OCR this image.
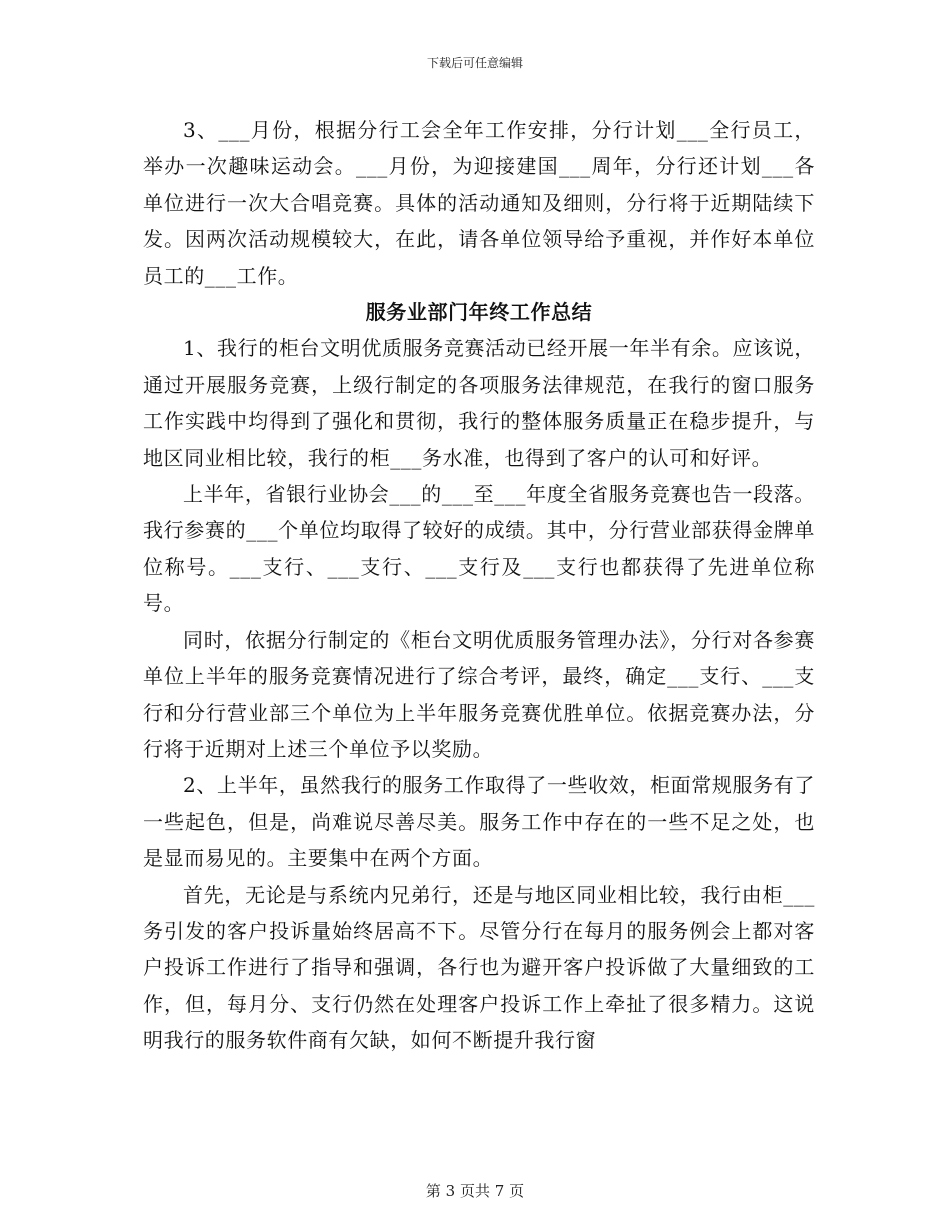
下载后可任意编辑

3、___月份，根据分行工会全年工作安排，分行计划___全行员工，举办一次趣味运动会。___月份，为迎接建国___周年，分行还计划___各单位进行一次大合唱竞赛。具体的活动通知及细则，分行将于近期陆续下发。因两次活动规模较大，在此，请各单位领导给予重视，并作好本单位员工的___工作。

服务业部门年终工作总结

1、我行的柜台文明优质服务竞赛活动已经开展一年半有余。应该说，通过开展服务竞赛，上级行制定的各项服务法律规范，在我行的窗口服务工作实践中均得到了强化和贯彻，我行的整体服务质量正在稳步提升，与地区同业相比较，我行的柜___务水准，也得到了客户的认可和好评。

上半年，省银行业协会___的___至___年度全省服务竞赛也告一段落。我行参赛的___个单位均取得了较好的成绩。其中，分行营业部获得金牌单位称号。___支行、___支行、___支行及___支行也都获得了先进单位称号。

同时，依据分行制定的《柜台文明优质服务管理办法》，分行对各参赛单位上半年的服务竞赛情况进行了综合考评，最终，确定___支行、___支行和分行营业部三个单位为上半年服务竞赛优胜单位。依据竞赛办法，分行将于近期对上述三个单位予以奖励。

2、上半年，虽然我行的服务工作取得了一些收效，柜面常规服务有了一些起色，但是，尚难说尽善尽美。服务工作中存在的一些不足之处，也是显而易见的。主要集中在两个方面。

首先，无论是与系统内兄弟行，还是与地区同业相比较，我行由柜___务引发的客户投诉量始终居高不下。尽管分行在每月的服务例会上都对客户投诉工作进行了指导和强调，各行也为避开客户投诉做了大量细致的工作，但，每月分、支行仍然在处理客户投诉工作上牵扯了很多精力。这说明我行的服务软件商有欠缺，如何不断提升我行窗

第 3 页共 7 页
